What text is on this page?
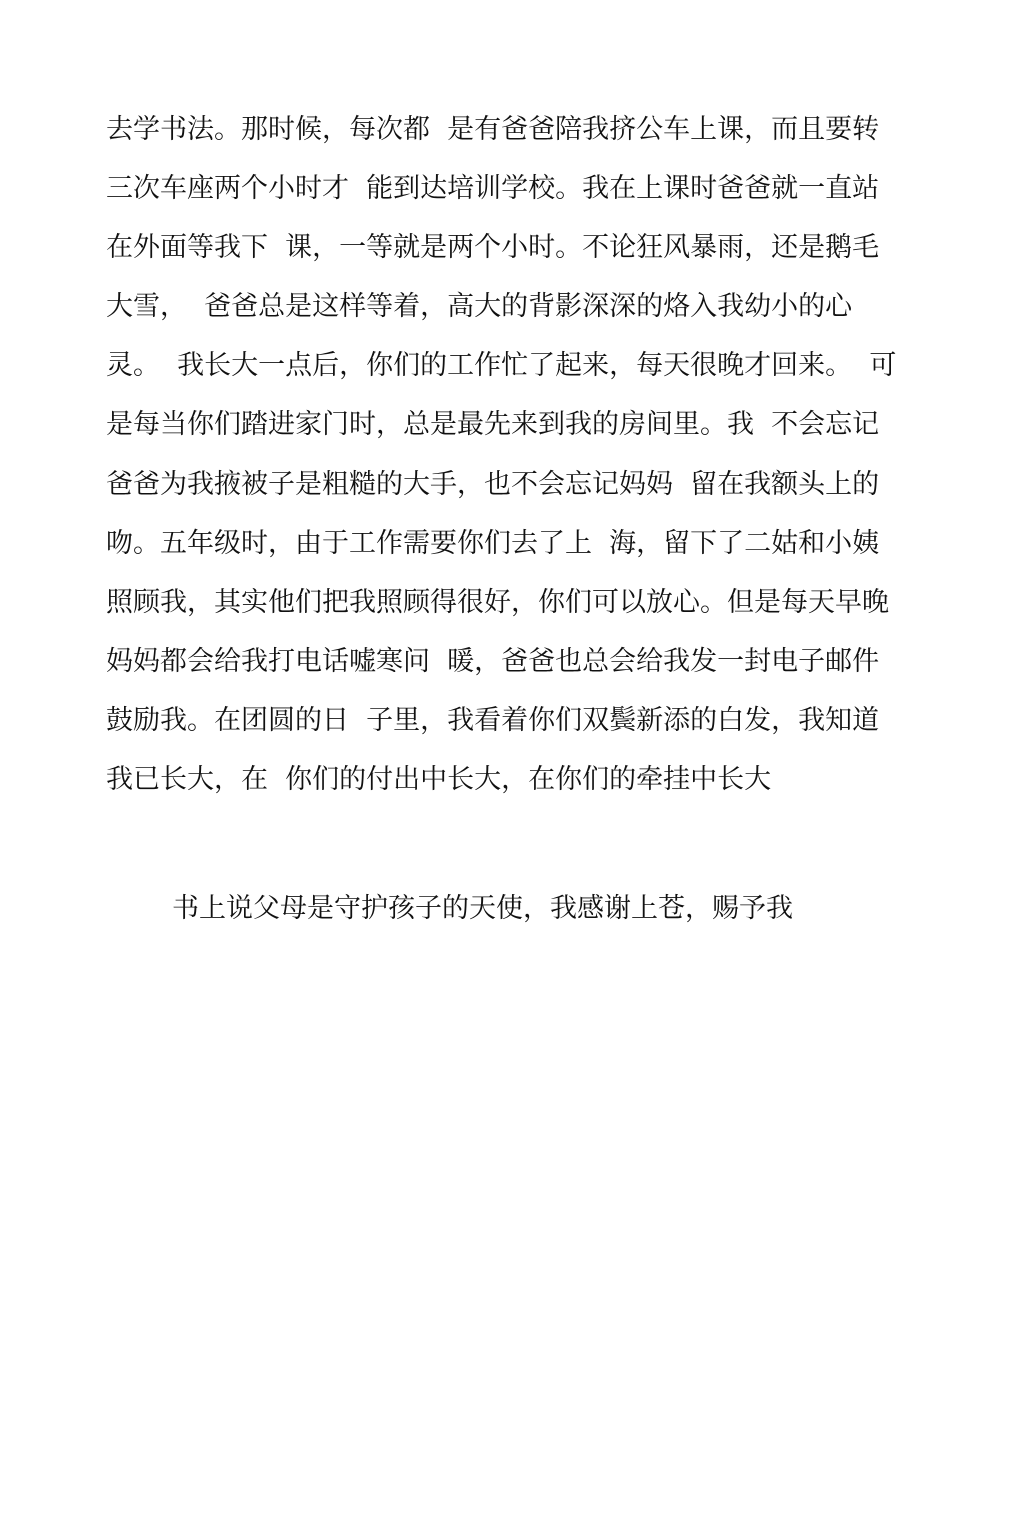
去学书法。那时候，每次都  是有爸爸陪我挤公车上课，而且要转
三次车座两个小时才  能到达培训学校。我在上课时爸爸就一直站
在外面等我下  课，一等就是两个小时。不论狂风暴雨，还是鹅毛
大雪，  爸爸总是这样等着，高大的背影深深的烙入我幼小的心
灵。  我长大一点后，你们的工作忙了起来，每天很晚才回来。  可
是每当你们踏进家门时，总是最先来到我的房间里。我  不会忘记
爸爸为我掖被子是粗糙的大手，也不会忘记妈妈  留在我额头上的
吻。五年级时，由于工作需要你们去了上  海，留下了二姑和小姨
照顾我，其实他们把我照顾得很好，你们可以放心。但是每天早晚
妈妈都会给我打电话嘘寒问  暖，爸爸也总会给我发一封电子邮件
鼓励我。在团圆的日  子里，我看着你们双鬓新添的白发，我知道
我已长大，在  你们的付出中长大，在你们的牵挂中长大
书上说父母是守护孩子的天使，我感谢上苍，赐予我
